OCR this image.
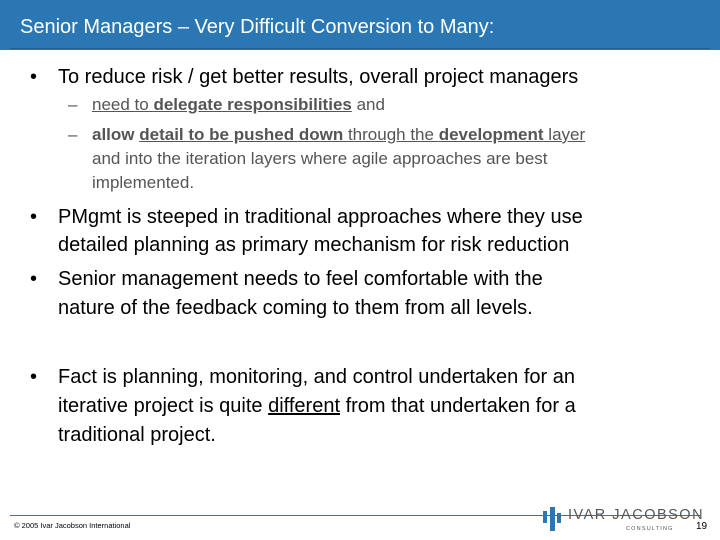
Senior Managers – Very Difficult Conversion to Many:
• To reduce risk / get better results, overall project managers
– need to delegate responsibilities and
– allow detail to be pushed down through the development layer
and into the iteration layers where agile approaches are best
implemented.
• PMgmt is steeped in traditional approaches where they use
detailed planning as primary mechanism for risk reduction
• Senior management needs to feel comfortable with the
nature of the feedback coming to them from all levels.
• Fact is planning, monitoring, and control undertaken for an
iterative project is quite different from that undertaken for a
traditional project.
© 2005 Ivar Jacobson International
IVAR JACOBSON
CONSULTING 19
